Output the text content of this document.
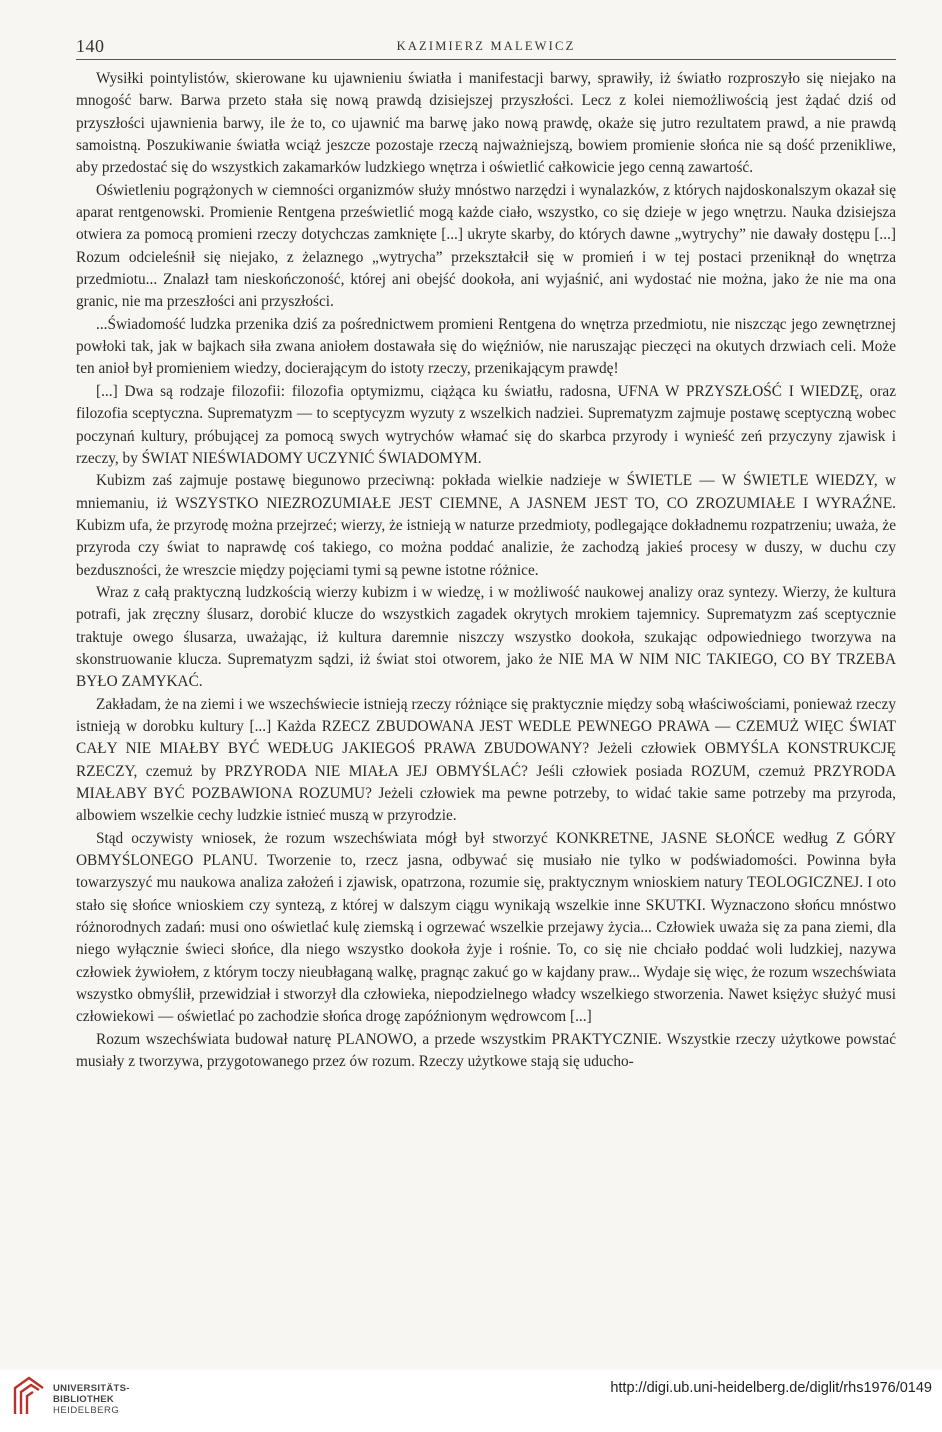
140	KAZIMIERZ MALEWICZ

Wysiłki pointylistów, skierowane ku ujawnieniu światła i manifestacji barwy, sprawiły, iż światło rozproszyło się niejako na mnogość barw. Barwa przeto stała się nową prawdą dzisiejszej przyszłości. Lecz z kolei niemożliwością jest żądać dziś od przyszłości ujawnienia barwy, ile że to, co ujawnić ma barwę jako nową prawdę, okaże się jutro rezultatem prawd, a nie prawdą samoistną. Poszukiwanie światła wciąż jeszcze pozostaje rzeczą najważniejszą, bowiem promienie słońca nie są dość przenikliwe, aby przedostać się do wszystkich zakamarków ludzkiego wnętrza i oświetlić całkowicie jego cenną zawartość.

Oświetleniu pogrążonych w ciemności organizmów służy mnóstwo narzędzi i wynalazków, z których najdoskonalszym okazał się aparat rentgenowski. Promienie Rentgena prześwietlić mogą każde ciało, wszystko, co się dzieje w jego wnętrzu. Nauka dzisiejsza otwiera za pomocą promieni rzeczy dotychczas zamknięte [...] ukryte skarby, do których dawne „wytrychy” nie dawały dostępu [...] Rozum odcieleśnił się niejako, z żelaznego „wytrycha” przekształcił się w promień i w tej postaci przeniknął do wnętrza przedmiotu... Znalazł tam nieskończoność, której ani obejść dookoła, ani wyjaśnić, ani wydostać nie można, jako że nie ma ona granic, nie ma przeszłości ani przyszłości.

...Świadomość ludzka przenika dziś za pośrednictwem promieni Rentgena do wnętrza przedmiotu, nie niszcząc jego zewnętrznej powłoki tak, jak w bajkach siła zwana aniołem dostawała się do więźniów, nie naruszając pieczęci na okutych drzwiach celi. Może ten anioł był promieniem wiedzy, docierającym do istoty rzeczy, przenikającym prawdę!

[...] Dwa są rodzaje filozofii: filozofia optymizmu, ciążąca ku światłu, radosna, UFNA W PRZYSZŁOŚĆ I WIEDZĘ, oraz filozofia sceptyczna. Suprematyzm — to sceptycyzm wyzuty z wszelkich nadziei. Suprematyzm zajmuje postawę sceptyczną wobec poczynań kultury, próbującej za pomocą swych wytrychów włamać się do skarbca przyrody i wynieść zeń przyczyny zjawisk i rzeczy, by ŚWIAT NIEŚWIADOMY UCZYNIĆ ŚWIADOMYM.

Kubizm zaś zajmuje postawę biegunowo przeciwną: pokłada wielkie nadzieje w ŚWIETLE — W ŚWIETLE WIEDZY, w mniemaniu, iż WSZYSTKO NIEZROZUMIAŁE JEST CIEMNE, A JASNEM JEST TO, CO ZROZUMIAŁE I WYRAŹNE. Kubizm ufa, że przyrodę można przejrzeć; wierzy, że istnieją w naturze przedmioty, podlegające dokładnemu rozpatrzeniu; uważa, że przyroda czy świat to naprawdę coś takiego, co można poddać analizie, że zachodzą jakieś procesy w duszy, w duchu czy bezduszności, że wreszcie między pojęciami tymi są pewne istotne różnice.

Wraz z całą praktyczną ludzkością wierzy kubizm i w wiedzę, i w możliwość naukowej analizy oraz syntezy. Wierzy, że kultura potrafi, jak zręczny ślusarz, dorobić klucze do wszystkich zagadek okrytych mrokiem tajemnicy. Suprematyzm zaś sceptycznie traktuje owego ślusarza, uważając, iż kultura daremnie niszczy wszystko dookoła, szukając odpowiedniego tworzywa na skonstruowanie klucza. Suprematyzm sądzi, iż świat stoi otworem, jako że NIE MA W NIM NIC TAKIEGO, CO BY TRZEBA BYŁO ZAMYKAĆ.

Zakładam, że na ziemi i we wszechświecie istnieją rzeczy różniące się praktycznie między sobą właściwościami, ponieważ rzeczy istnieją w dorobku kultury [...] Każda RZECZ ZBUDOWANA JEST WEDLE PEWNEGO PRAWA — CZEMUŻ WIĘC ŚWIAT CAŁY NIE MIAŁBY BYĆ WEDŁUG JAKIEGOŚ PRAWA ZBUDOWANY? Jeżeli człowiek OBMYŚLA KONSTRUKCJĘ RZECZY, czemuż by PRZYRODA NIE MIAŁA JEJ OBMYŚLAĆ? Jeśli człowiek posiada ROZUM, czemuż PRZYRODA MIAŁABY BYĆ POZBAWIONA ROZUMU? Jeżeli człowiek ma pewne potrzeby, to widać takie same potrzeby ma przyroda, albowiem wszelkie cechy ludzkie istnieć muszą w przyrodzie.

Stąd oczywisty wniosek, że rozum wszechświata mógł był stworzyć KONKRETNE, JASNE SŁOŃCE według Z GÓRY OBMYŚLONEGO PLANU. Tworzenie to, rzecz jasna, odbywać się musiało nie tylko w podświadomości. Powinna była towarzyszyć mu naukowa analiza założeń i zjawisk, opatrzona, rozumie się, praktycznym wnioskiem natury TEOLOGICZNEJ. I oto stało się słońce wnioskiem czy syntezą, z której w dalszym ciągu wynikają wszelkie inne SKUTKI. Wyznaczono słońcu mnóstwo różnorodnych zadań: musi ono oświetlać kulę ziemską i ogrzewać wszelkie przejawy życia... Człowiek uważa się za pana ziemi, dla niego wyłącznie świeci słońce, dla niego wszystko dookoła żyje i rośnie. To, co się nie chciało poddać woli ludzkiej, nazywa człowiek żywiołem, z którym toczy nieubłaganą walkę, pragnąc zakuć go w kajdany praw... Wydaje się więc, że rozum wszechświata wszystko obmyślił, przewidział i stworzył dla człowieka, niepodzielnego władcy wszelkiego stworzenia. Nawet księżyc służyć musi człowiekowi — oświetlać po zachodzie słońca drogę zapóźnionym wędrowcom [...]

Rozum wszechświata budował naturę PLANOWO, a przede wszystkim PRAKTYCZNIE. Wszystkie rzeczy użytkowe powstać musiały z tworzywa, przygotowanego przez ów rozum. Rzeczy użytkowe stają się uducho-

UNIVERSITÄTS-
BIBLIOTHEK
HEIDELBERG
http://digi.ub.uni-heidelberg.de/diglit/rhs1976/0149
